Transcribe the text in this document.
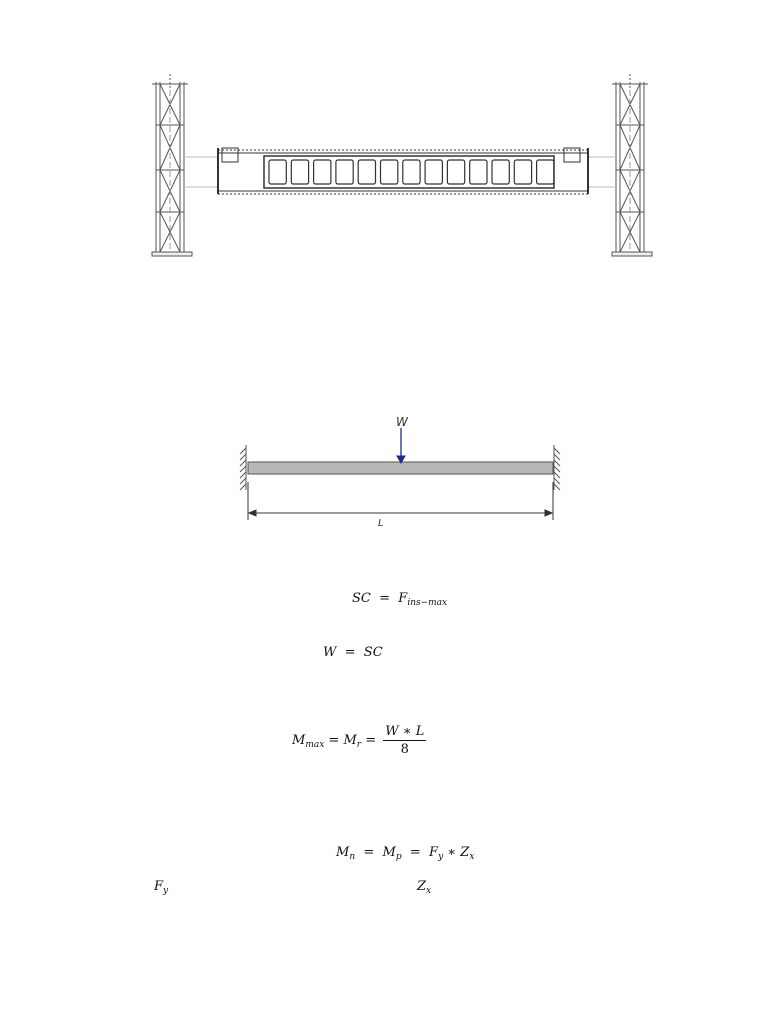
W
L
SC  =  $F_{ins-max}$
W  =  SC
$M_{max} = M_r = \frac{W ∗ L}{8}$
$M_n = M_p = F_y$ ∗ $Z_x$
$F_y$	$Z_x$
